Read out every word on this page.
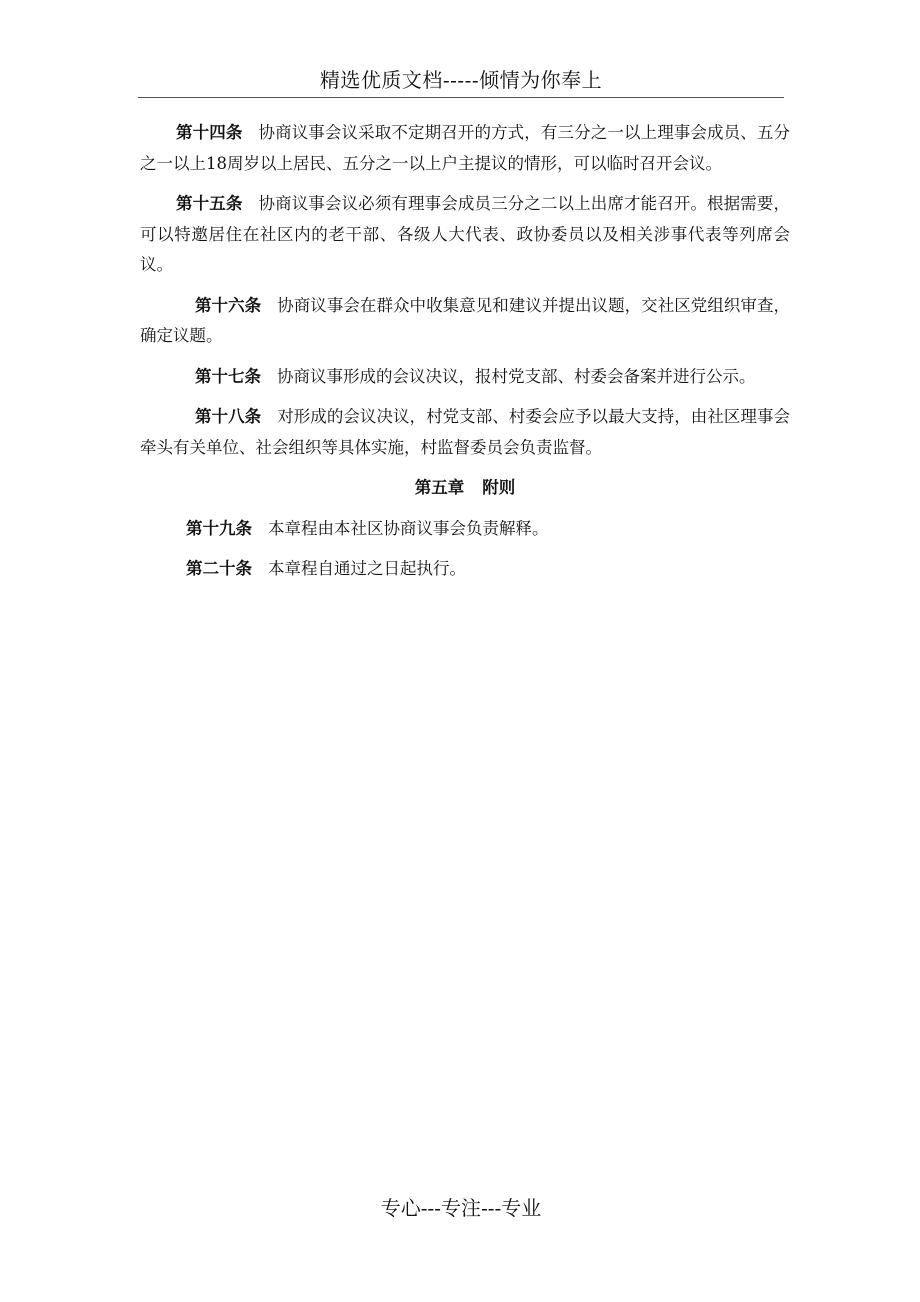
精选优质文档-----倾情为你奉上

第十四条 协商议事会议采取不定期召开的方式，有三分之一以上理事会成员、五分之一以上18周岁以上居民、五分之一以上户主提议的情形，可以临时召开会议。

第十五条 协商议事会议必须有理事会成员三分之二以上出席才能召开。根据需要，可以特邀居住在社区内的老干部、各级人大代表、政协委员以及相关涉事代表等列席会议。

第十六条 协商议事会在群众中收集意见和建议并提出议题，交社区党组织审查，确定议题。

第十七条 协商议事形成的会议决议，报村党支部、村委会备案并进行公示。

第十八条 对形成的会议决议，村党支部、村委会应予以最大支持，由社区理事会牵头有关单位、社会组织等具体实施，村监督委员会负责监督。

第五章 附则

第十九条 本章程由本社区协商议事会负责解释。

第二十条 本章程自通过之日起执行。

专心---专注---专业
